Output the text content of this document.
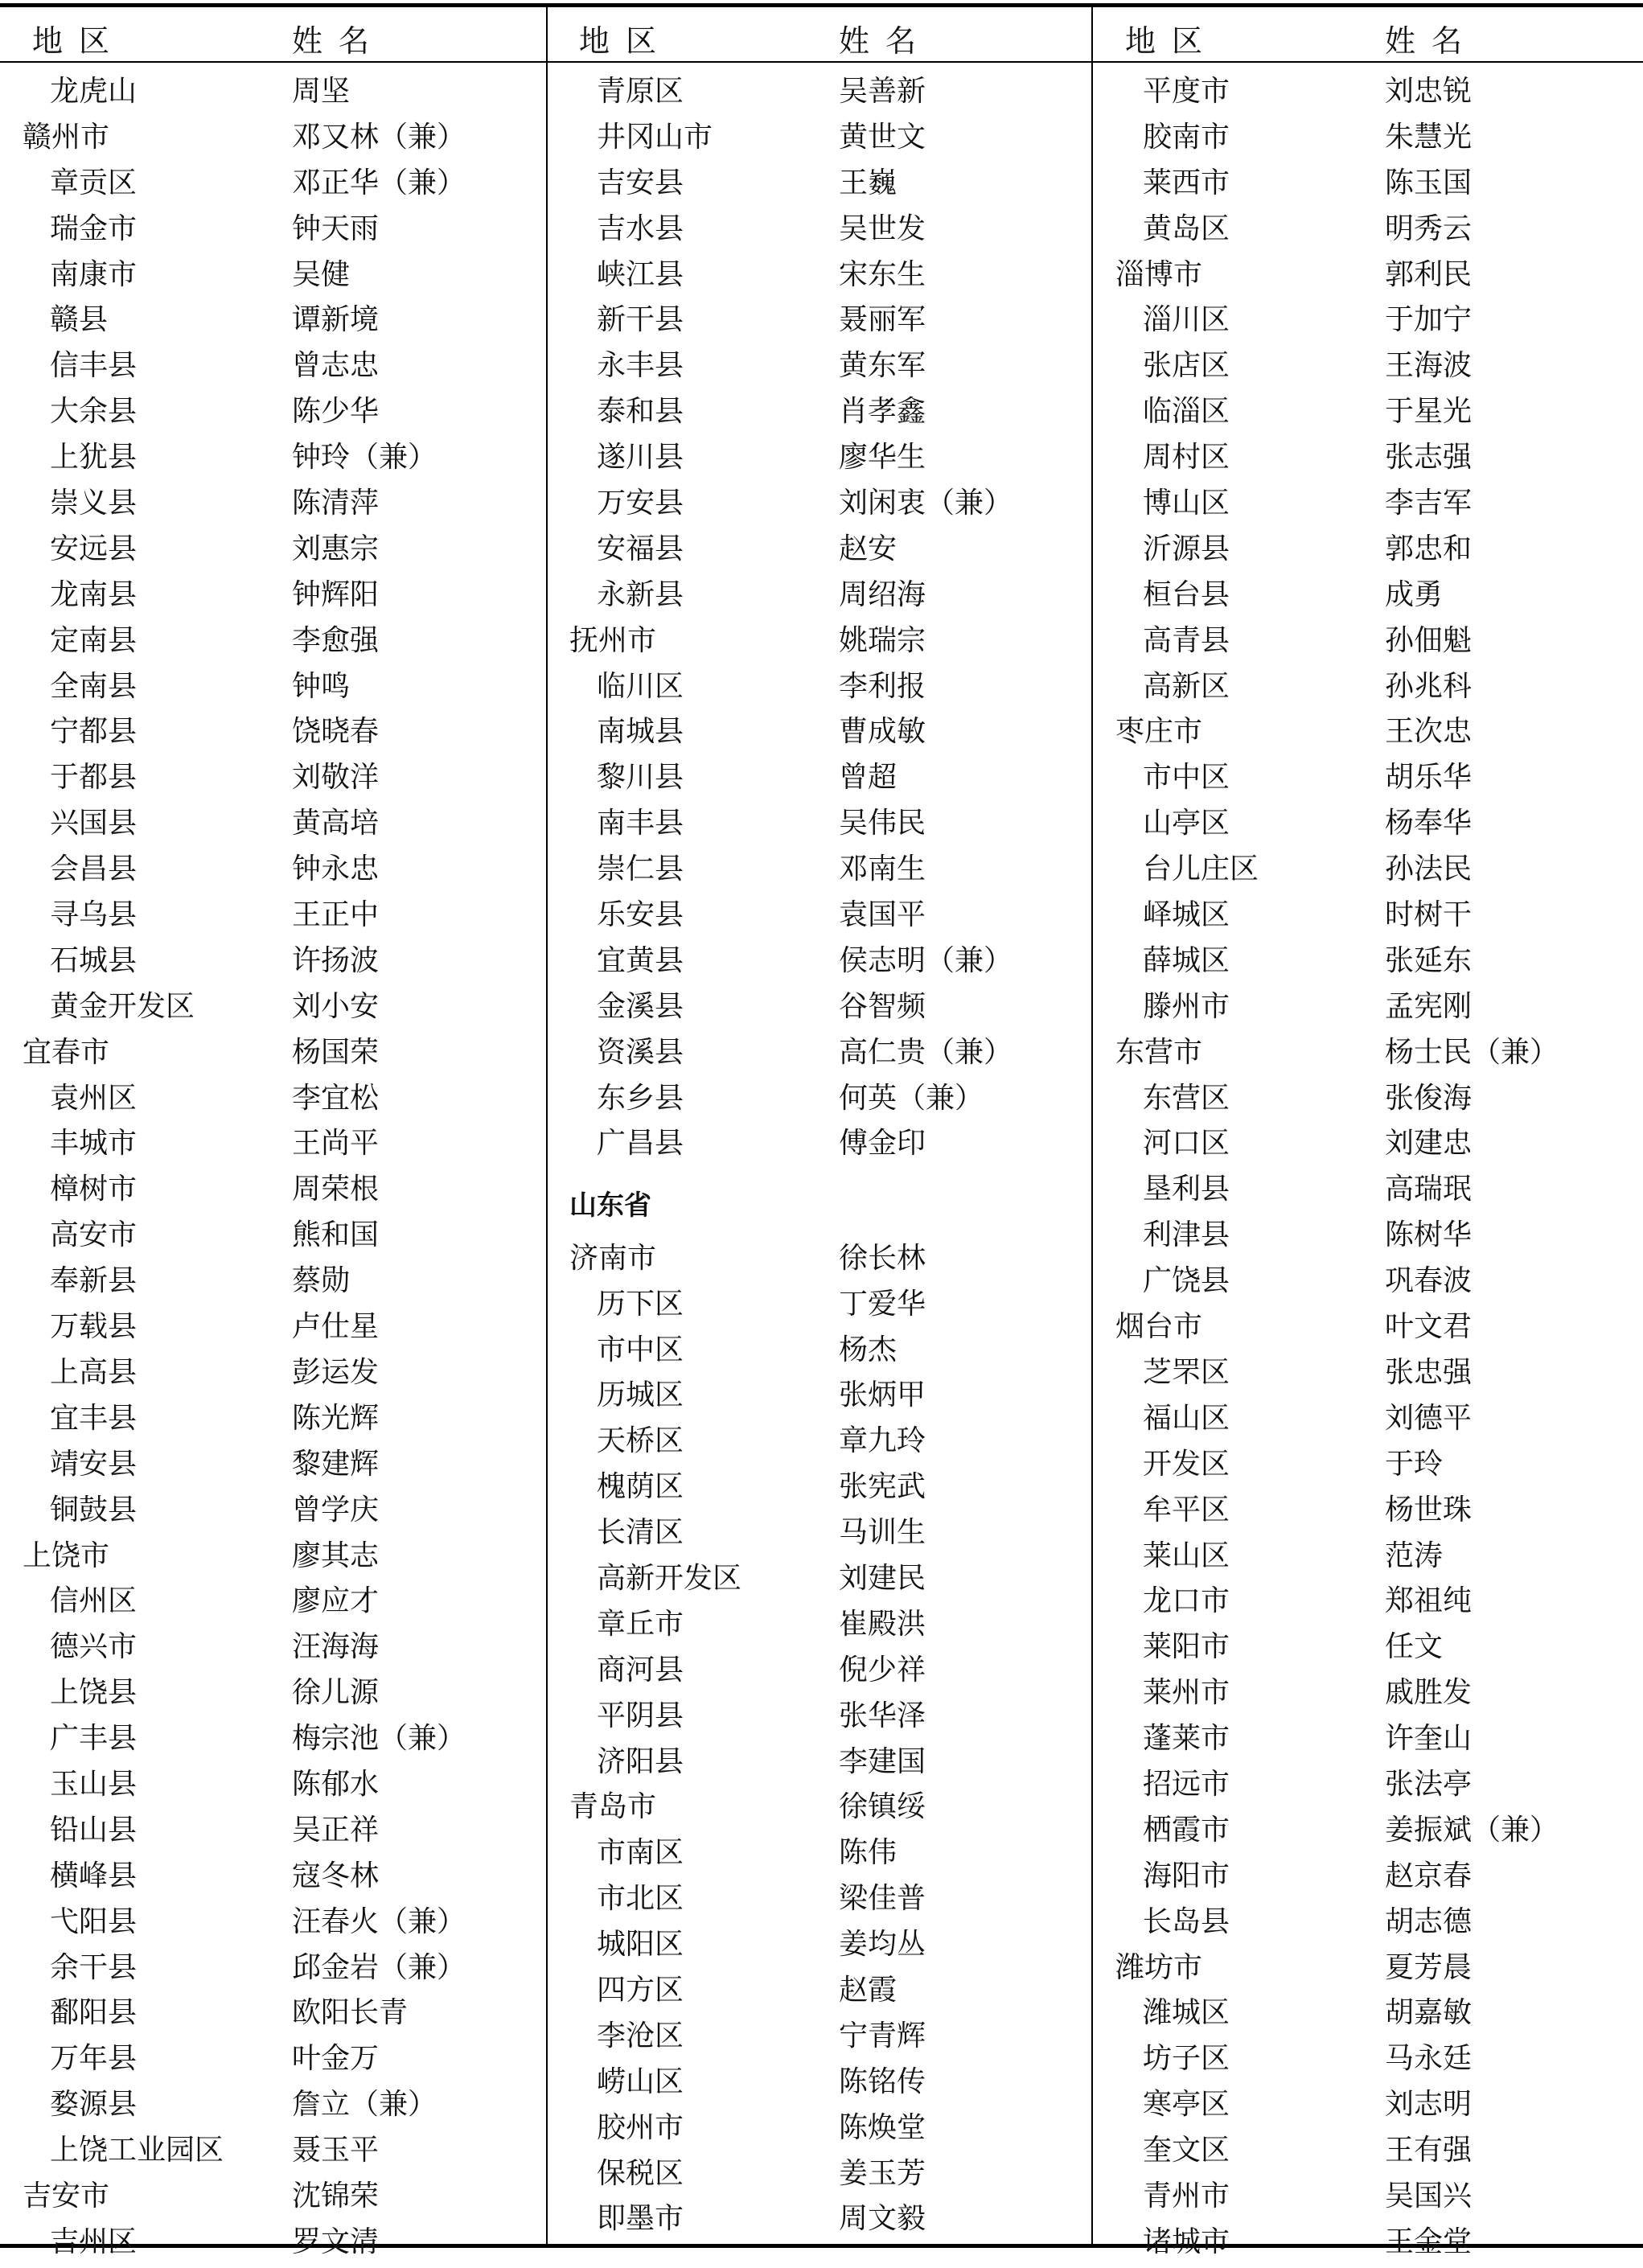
地区	姓名
龙虎山	周坚
赣州市	邓又林（兼）
章贡区	邓正华（兼）
瑞金市	钟天雨
南康市	吴健
赣县	谭新境
信丰县	曾志忠
大余县	陈少华
上犹县	钟玲（兼）
崇义县	陈清萍
安远县	刘惠宗
龙南县	钟辉阳
定南县	李愈强
全南县	钟鸣
宁都县	饶晓春
于都县	刘敬洋
兴国县	黄高培
会昌县	钟永忠
寻乌县	王正中
石城县	许扬波
黄金开发区	刘小安
宜春市	杨国荣
袁州区	李宜松
丰城市	王尚平
樟树市	周荣根
高安市	熊和国
奉新县	蔡勋
万载县	卢仕星
上高县	彭运发
宜丰县	陈光辉
靖安县	黎建辉
铜鼓县	曾学庆
上饶市	廖其志
信州区	廖应才
德兴市	汪海海
上饶县	徐儿源
广丰县	梅宗池（兼）
玉山县	陈郁水
铅山县	吴正祥
横峰县	寇冬林
弋阳县	汪春火（兼）
余干县	邱金岩（兼）
鄱阳县	欧阳长青
万年县	叶金万
婺源县	詹立（兼）
上饶工业园区 聂玉平
吉安市	沈锦荣
吉州区	罗文清
地区	姓名
青原区	吴善新
井冈山市	黄世文
吉安县	王巍
吉水县	吴世发
峡江县	宋东生
新干县	聂丽军
永丰县	黄东军
泰和县	肖孝鑫
遂川县	廖华生
万安县	刘闲衷（兼）
安福县	赵安
永新县	周绍海
抚州市	姚瑞宗
临川区	李利报
南城县	曹成敏
黎川县	曾超
南丰县	吴伟民
崇仁县	邓南生
乐安县	袁国平
宜黄县	侯志明（兼）
金溪县	谷智频
资溪县	高仁贵（兼）
东乡县	何英（兼）
广昌县	傅金印
山东省
济南市	徐长林
历下区	丁爱华
市中区	杨杰
历城区	张炳甲
天桥区	章九玲
槐荫区	张宪武
长清区	马训生
高新开发区	刘建民
章丘市	崔殿洪
商河县	倪少祥
平阴县	张华泽
济阳县	李建国
青岛市	徐镇绥
市南区	陈伟
市北区	梁佳普
城阳区	姜均丛
四方区	赵霞
李沧区	宁青辉
崂山区	陈铭传
胶州市	陈焕堂
保税区	姜玉芳
即墨市	周文毅
地区	姓名
平度市	刘忠锐
胶南市	朱慧光
莱西市	陈玉国
黄岛区	明秀云
淄博市	郭利民
淄川区	于加宁
张店区	王海波
临淄区	于星光
周村区	张志强
博山区	李吉军
沂源县	郭忠和
桓台县	成勇
高青县	孙佃魁
高新区	孙兆科
枣庄市	王次忠
市中区	胡乐华
山亭区	杨奉华
台儿庄区	孙法民
峄城区	时树干
薛城区	张延东
滕州市	孟宪刚
东营市	杨士民（兼）
东营区	张俊海
河口区	刘建忠
垦利县	高瑞珉
利津县	陈树华
广饶县	巩春波
烟台市	叶文君
芝罘区	张忠强
福山区	刘德平
开发区	于玲
牟平区	杨世珠
莱山区	范涛
龙口市	郑祖纯
莱阳市	任文
莱州市	戚胜发
蓬莱市	许奎山
招远市	张法亭
栖霞市	姜振斌（兼）
海阳市	赵京春
长岛县	胡志德
潍坊市	夏芳晨
潍城区	胡嘉敏
坊子区	马永廷
寒亭区	刘志明
奎文区	王有强
青州市	吴国兴
诸城市	王金堂
